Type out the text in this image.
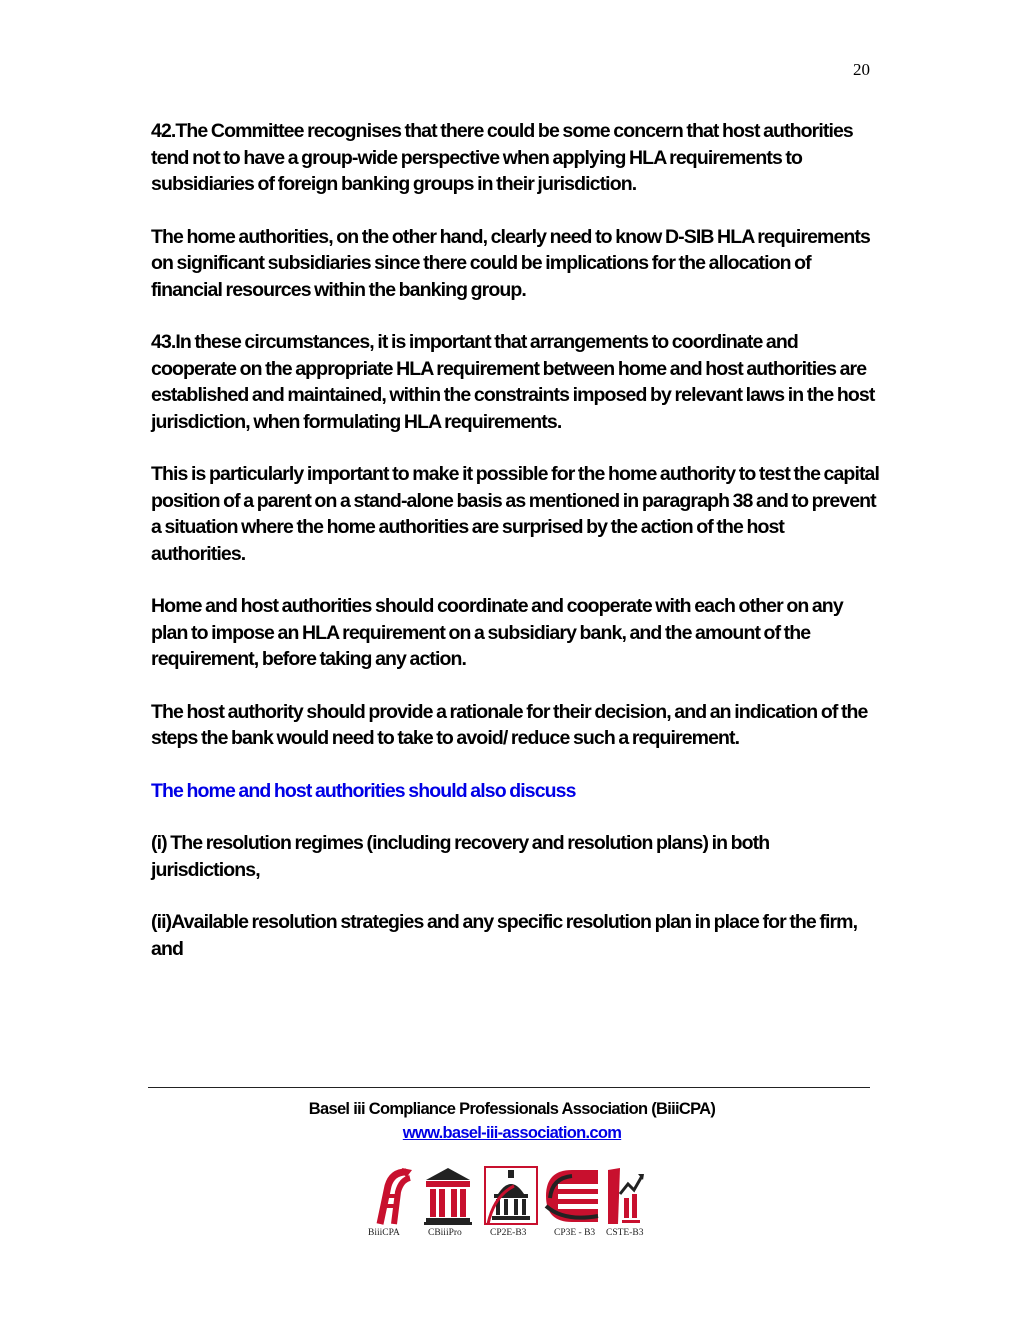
20

42.The Committee recognises that there could be some concern that host authorities tend not to have a group-wide perspective when applying HLA requirements to subsidiaries of foreign banking groups in their jurisdiction.

The home authorities, on the other hand, clearly need to know D-SIB HLA requirements on significant subsidiaries since there could be implications for the allocation of financial resources within the banking group.

43.In these circumstances, it is important that arrangements to coordinate and cooperate on the appropriate HLA requirement between home and host authorities are established and maintained, within the constraints imposed by relevant laws in the host jurisdiction, when formulating HLA requirements.

This is particularly important to make it possible for the home authority to test the capital position of a parent on a stand-alone basis as mentioned in paragraph 38 and to prevent a situation where the home authorities are surprised by the action of the host authorities.

Home and host authorities should coordinate and cooperate with each other on any plan to impose an HLA requirement on a subsidiary bank, and the amount of the requirement, before taking any action.

The host authority should provide a rationale for their decision, and an indication of the steps the bank would need to take to avoid/ reduce such a requirement.

The home and host authorities should also discuss

(i) The resolution regimes (including recovery and resolution plans) in both jurisdictions,

(ii)Available resolution strategies and any specific resolution plan in place for the firm, and

Basel iii Compliance Professionals Association (BiiiCPA)
www.basel-iii-association.com
BiiiCPA	CBiiiPro	CP2E-B3	CP3E - B3 CSTE-B3
